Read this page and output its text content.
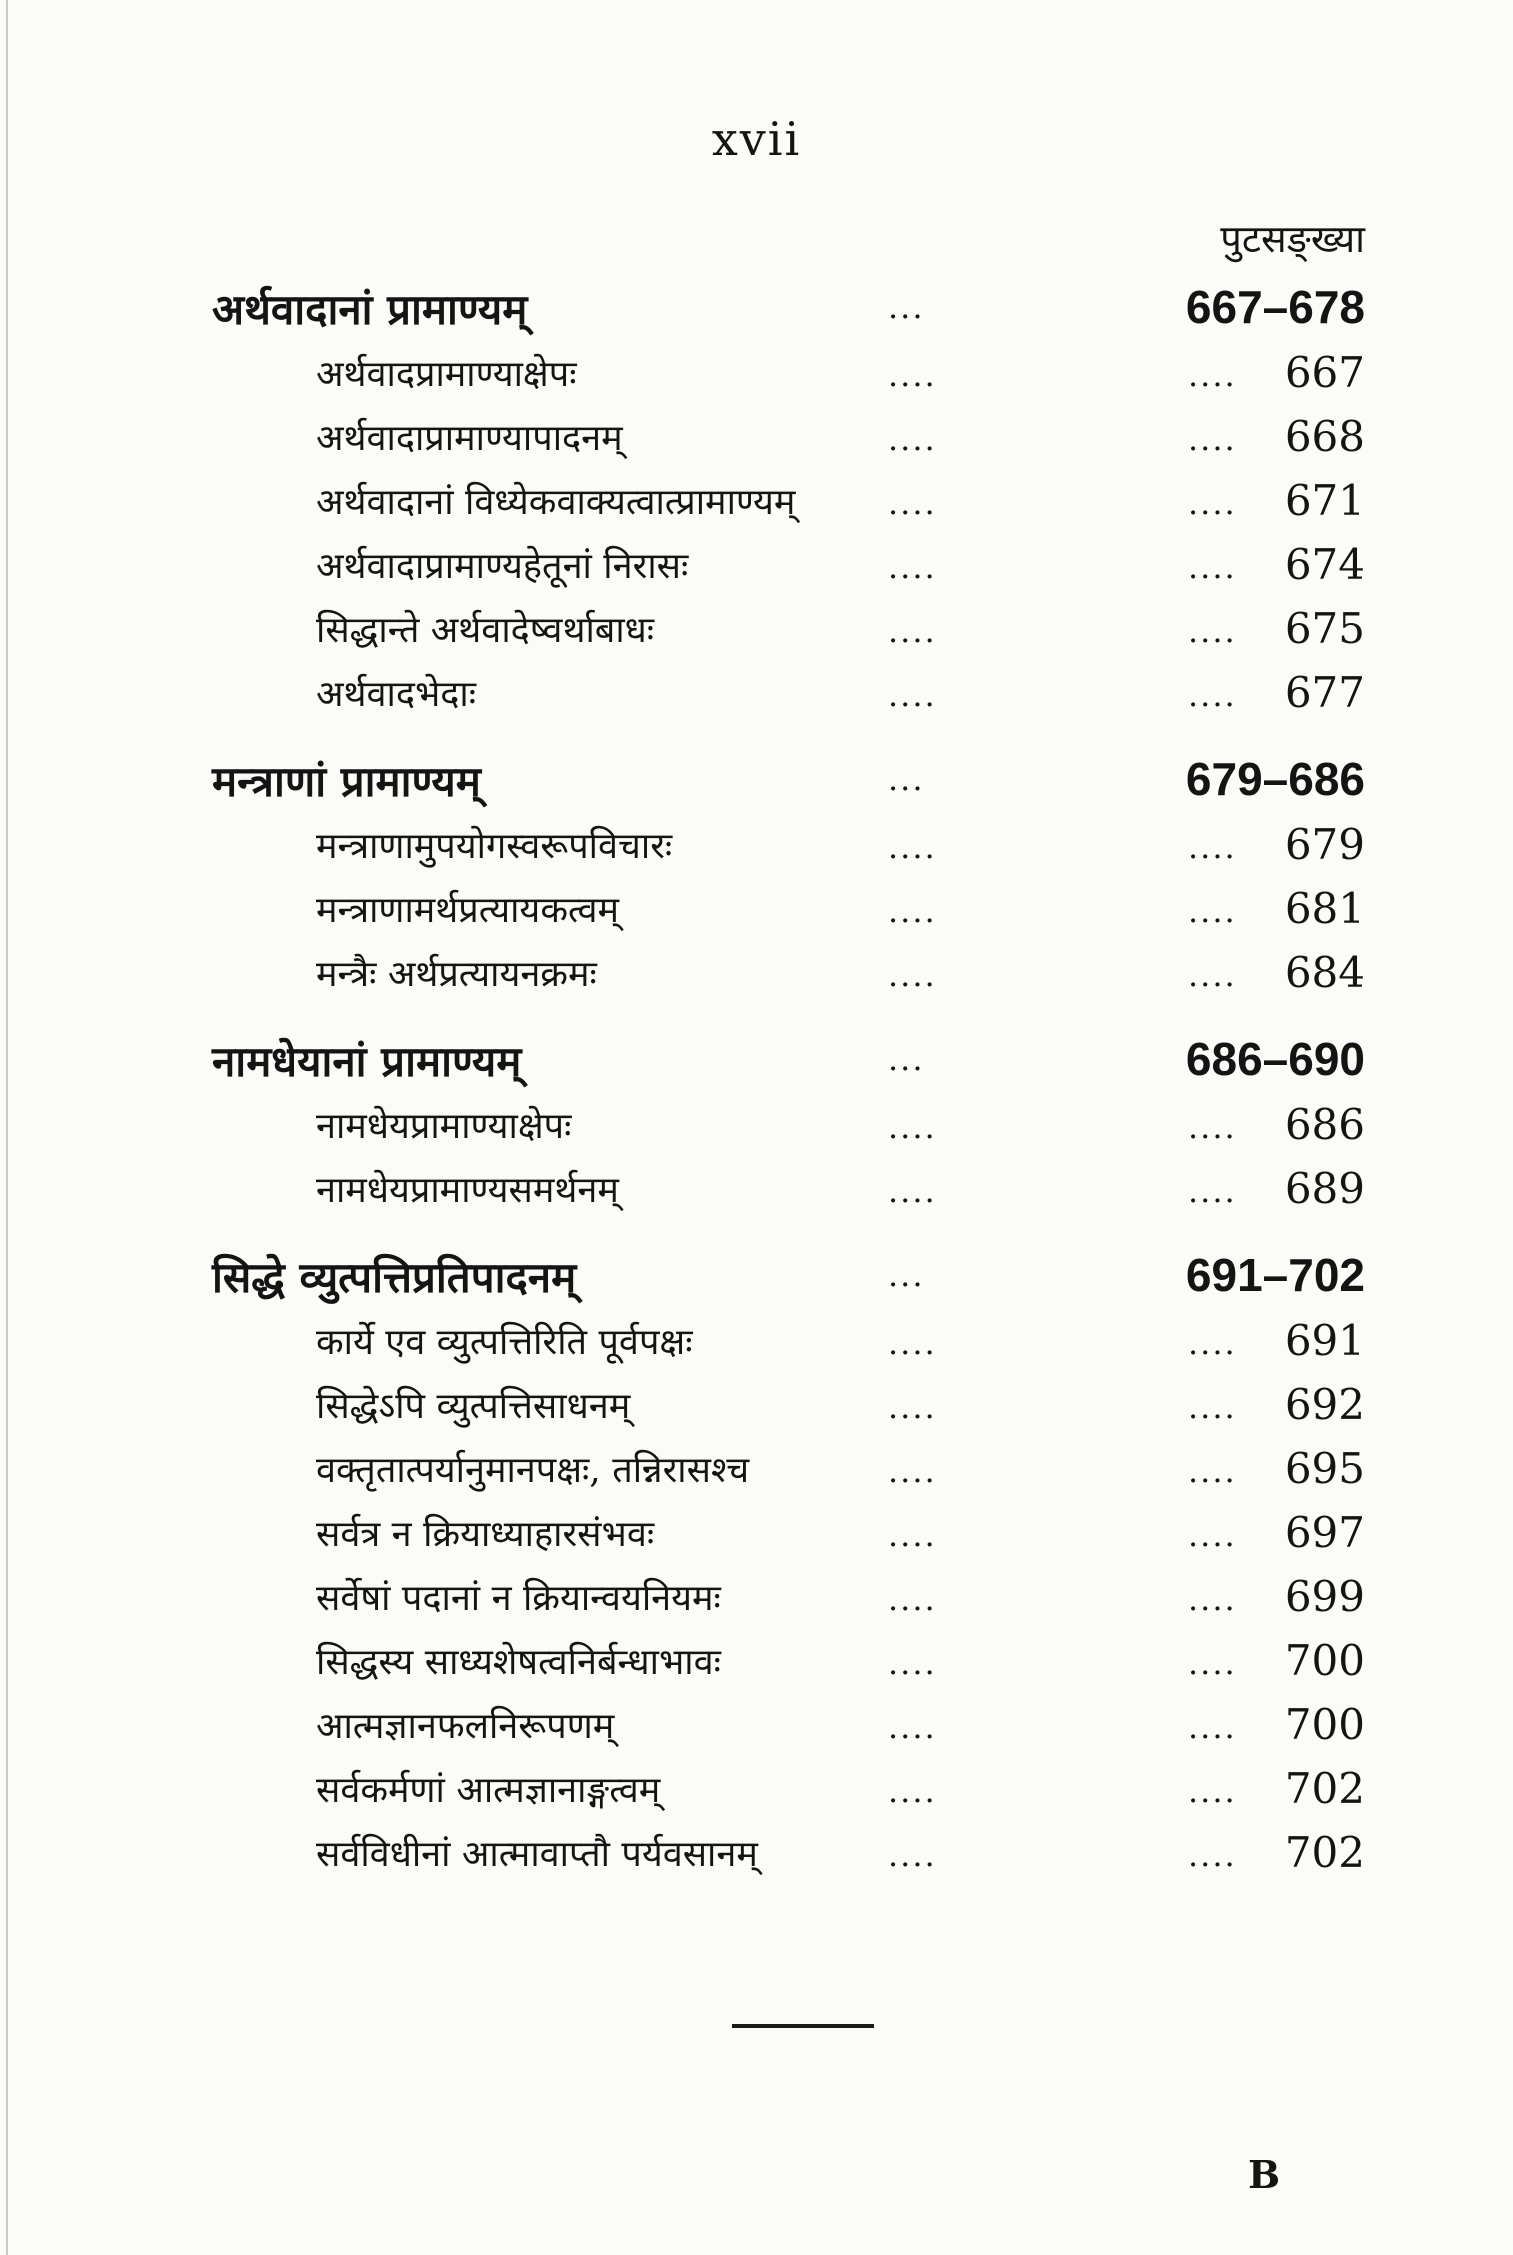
xvii
पुटसङ्ख्या
अर्थवादानां प्रामाण्यम्	...	667–678
अर्थवादप्रामाण्याक्षेपः	....	.... 667
अर्थवादाप्रामाण्यापादनम्	....	.... 668
अर्थवादानां विध्येकवाक्यत्वात्प्रामाण्यम्	....	.... 671
अर्थवादाप्रामाण्यहेतूनां निरासः	....	.... 674
सिद्धान्ते अर्थवादेष्वर्थाबाधः	....	.... 675
अर्थवादभेदाः	....	.... 677
मन्त्राणां प्रामाण्यम्	...	679–686
मन्त्राणामुपयोगस्वरूपविचारः	....	.... 679
मन्त्राणामर्थप्रत्यायकत्वम्	....	.... 681
मन्त्रैः अर्थप्रत्यायनक्रमः	....	.... 684
नामधेयानां प्रामाण्यम्	...	686–690
नामधेयप्रामाण्याक्षेपः	....	.... 686
नामधेयप्रामाण्यसमर्थनम्	....	.... 689
सिद्धे व्युत्पत्तिप्रतिपादनम्	...	691–702
कार्ये एव व्युत्पत्तिरिति पूर्वपक्षः	....	.... 691
सिद्धेऽपि व्युत्पत्तिसाधनम्	....	.... 692
वक्तृतात्पर्यानुमानपक्षः, तन्निरासश्च	....	.... 695
सर्वत्र न क्रियाध्याहारसंभवः	....	.... 697
सर्वेषां पदानां न क्रियान्वयनियमः	....	.... 699
सिद्धस्य साध्यशेषत्वनिर्बन्धाभावः	....	.... 700
आत्मज्ञानफलनिरूपणम्	....	.... 700
सर्वकर्मणां आत्मज्ञानाङ्गत्वम्	....	.... 702
सर्वविधीनां आत्मावाप्तौ पर्यवसानम्	....	.... 702
B
